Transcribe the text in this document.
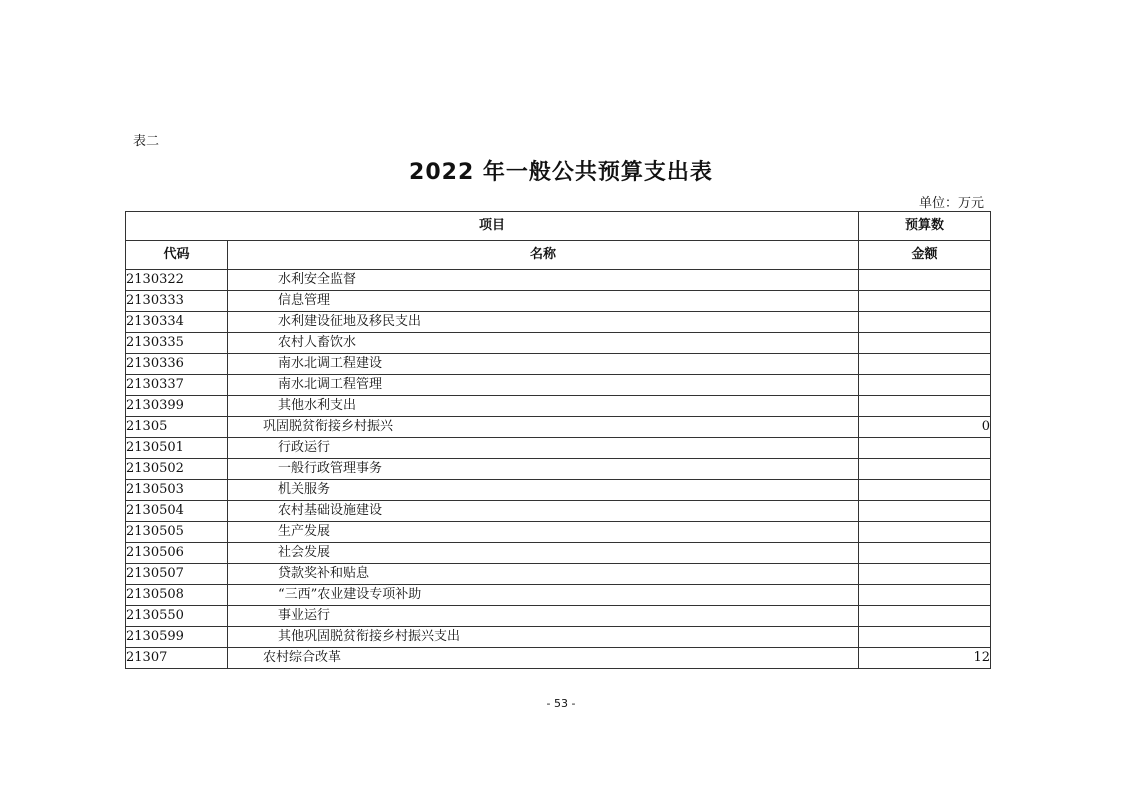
表二
2022 年一般公共预算支出表
单位：万元
项目		预算数
代码	名称	金额
2130322	水利安全监督	
2130333	信息管理	
2130334	水利建设征地及移民支出	
2130335	农村人畜饮水	
2130336	南水北调工程建设	
2130337	南水北调工程管理	
2130399	其他水利支出	
21305	巩固脱贫衔接乡村振兴	0
2130501	行政运行	
2130502	一般行政管理事务	
2130503	机关服务	
2130504	农村基础设施建设	
2130505	生产发展	
2130506	社会发展	
2130507	贷款奖补和贴息	
2130508	“三西”农业建设专项补助	
2130550	事业运行	
2130599	其他巩固脱贫衔接乡村振兴支出	
21307	农村综合改革	12
- 53 -
